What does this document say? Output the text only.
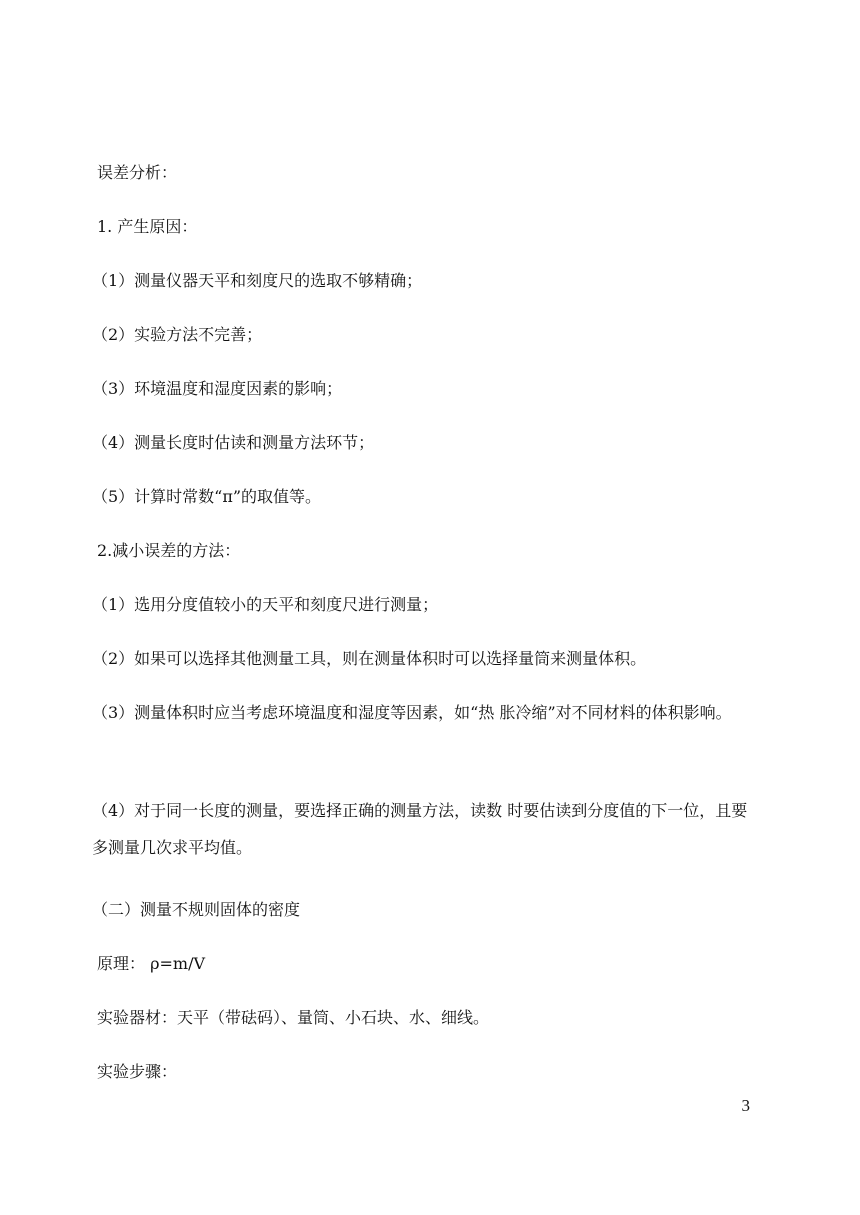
误差分析：
1. 产生原因：
（1）测量仪器天平和刻度尺的选取不够精确；
（2）实验方法不完善；
（3）环境温度和湿度因素的影响；
（4）测量长度时估读和测量方法环节；
（5）计算时常数“π”的取值等。
2.减小误差的方法：
（1）选用分度值较小的天平和刻度尺进行测量；
（2）如果可以选择其他测量工具，则在测量体积时可以选择量筒来测量体积。
（3）测量体积时应当考虑环境温度和湿度等因素，如“热 胀冷缩”对不同材料的体积影响。
（4）对于同一长度的测量，要选择正确的测量方法，读数 时要估读到分度值的下一位，且要多测量几次求平均值。
（二）测量不规则固体的密度
原理： ρ=m/V
实验器材：天平（带砝码）、量筒、小石块、水、细线。
实验步骤：
3
